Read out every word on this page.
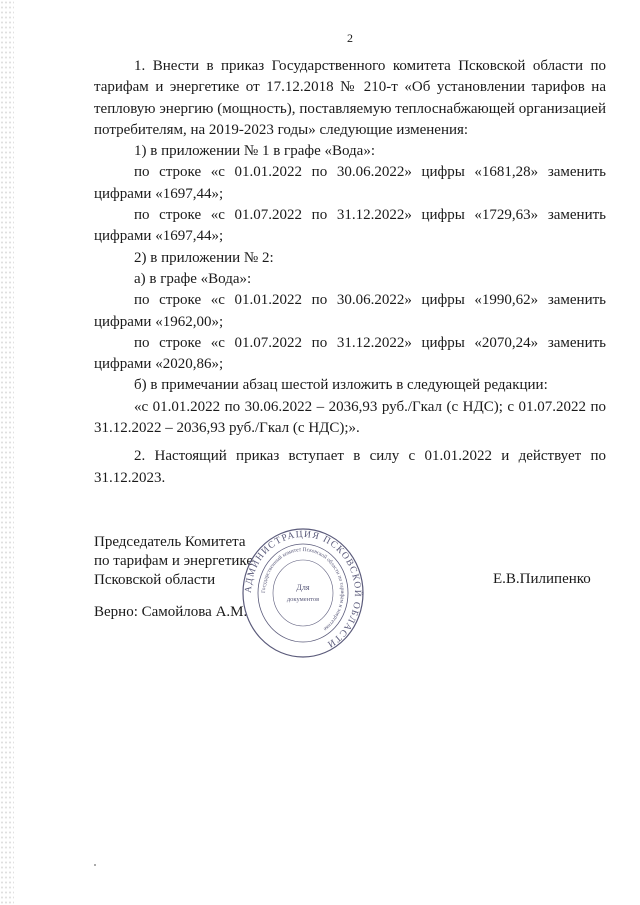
2

1. Внести в приказ Государственного комитета Псковской области по тарифам и энергетике от 17.12.2018 № 210-т «Об установлении тарифов на тепловую энергию (мощность), поставляемую теплоснабжающей организацией потребителям, на 2019-2023 годы» следующие изменения:

1) в приложении № 1 в графе «Вода»:

по строке «с 01.01.2022 по 30.06.2022» цифры «1681,28» заменить цифрами «1697,44»;

по строке «с 01.07.2022 по 31.12.2022» цифры «1729,63» заменить цифрами «1697,44»;

2) в приложении № 2:

а) в графе «Вода»:

по строке «с 01.01.2022 по 30.06.2022» цифры «1990,62» заменить цифрами «1962,00»;

по строке «с 01.07.2022 по 31.12.2022» цифры «2070,24» заменить цифрами «2020,86»;

б) в примечании абзац шестой изложить в следующей редакции:

«с 01.01.2022 по 30.06.2022 – 2036,93 руб./Гкал (с НДС); с 01.07.2022 по 31.12.2022 – 2036,93 руб./Гкал (с НДС);».

2. Настоящий приказ вступает в силу с 01.01.2022 и действует по 31.12.2023.

Председатель Комитета
по тарифам и энергетике
Псковской области	Е.В.Пилипенко
Верно: Самойлова А.М.
АДМИНИСТРАЦИЯ ПСКОВСКОЙ ОБЛАСТИ
Государственный комитет Псковской области по тарифам и энергетике
Для
документов
